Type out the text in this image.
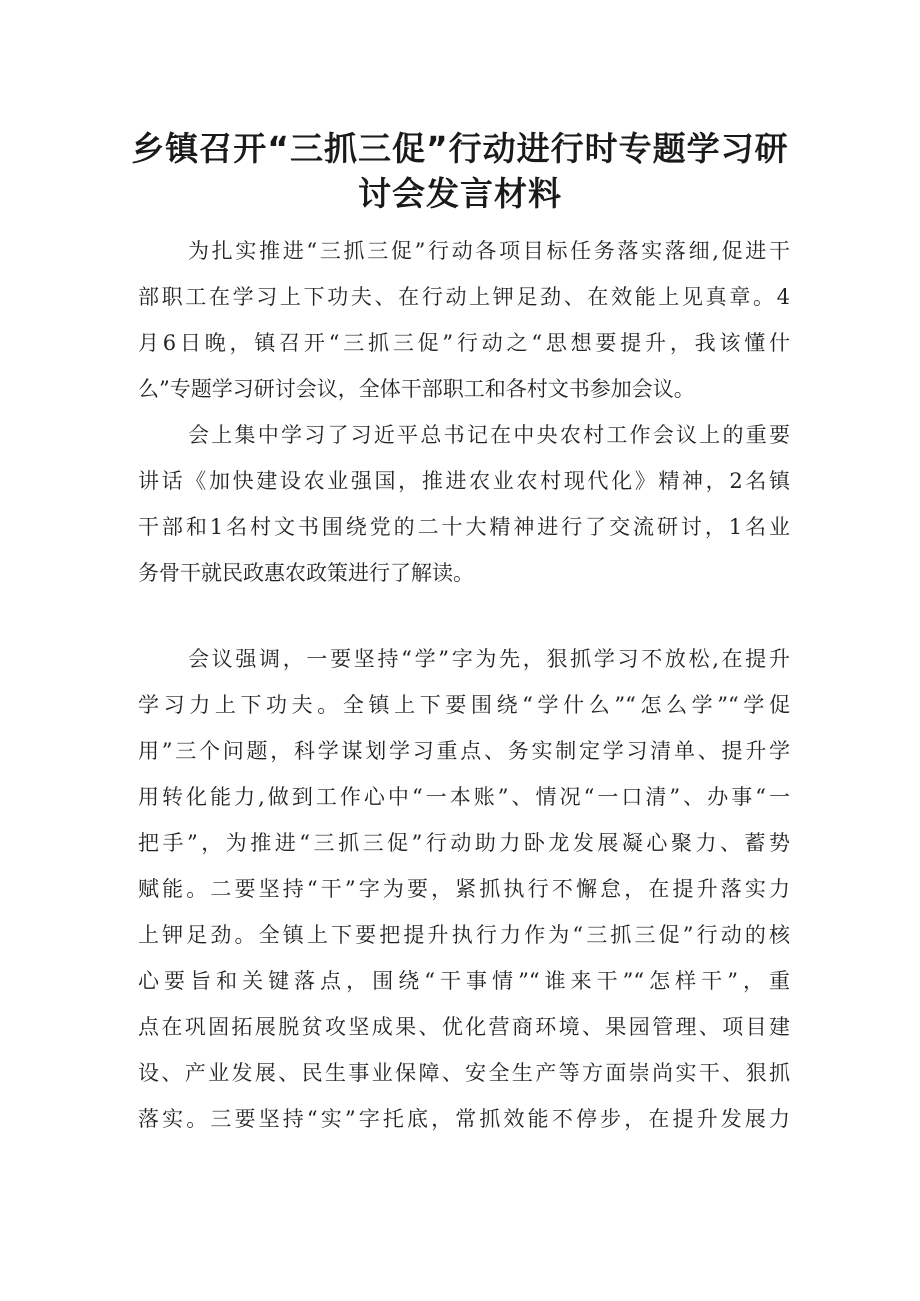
乡镇召开“三抓三促”行动进行时专题学习研
讨会发言材料
为扎实推进“三抓三促”行动各项目标任务落实落细,促进干
部职工在学习上下功夫、在行动上钾足劲、在效能上见真章。4
月6日晚，镇召开“三抓三促”行动之“思想要提升，我该懂什
么”专题学习研讨会议，全体干部职工和各村文书参加会议。
会上集中学习了习近平总书记在中央农村工作会议上的重要
讲话《加快建设农业强国，推进农业农村现代化》精神，2名镇
干部和1名村文书围绕党的二十大精神进行了交流研讨，1名业
务骨干就民政惠农政策进行了解读。
会议强调，一要坚持“学”字为先，狠抓学习不放松,在提升
学习力上下功夫。全镇上下要围绕“学什么”“怎么学”“学促
用”三个问题，科学谋划学习重点、务实制定学习清单、提升学
用转化能力,做到工作心中“一本账”、情况“一口清”、办事“一
把手”，为推进“三抓三促”行动助力卧龙发展凝心聚力、蓄势
赋能。二要坚持“干”字为要，紧抓执行不懈怠，在提升落实力
上钾足劲。全镇上下要把提升执行力作为“三抓三促”行动的核
心要旨和关键落点，围绕“干事情”“谁来干”“怎样干”，重
点在巩固拓展脱贫攻坚成果、优化营商环境、果园管理、项目建
设、产业发展、民生事业保障、安全生产等方面崇尚实干、狠抓
落实。三要坚持“实”字托底，常抓效能不停步，在提升发展力
